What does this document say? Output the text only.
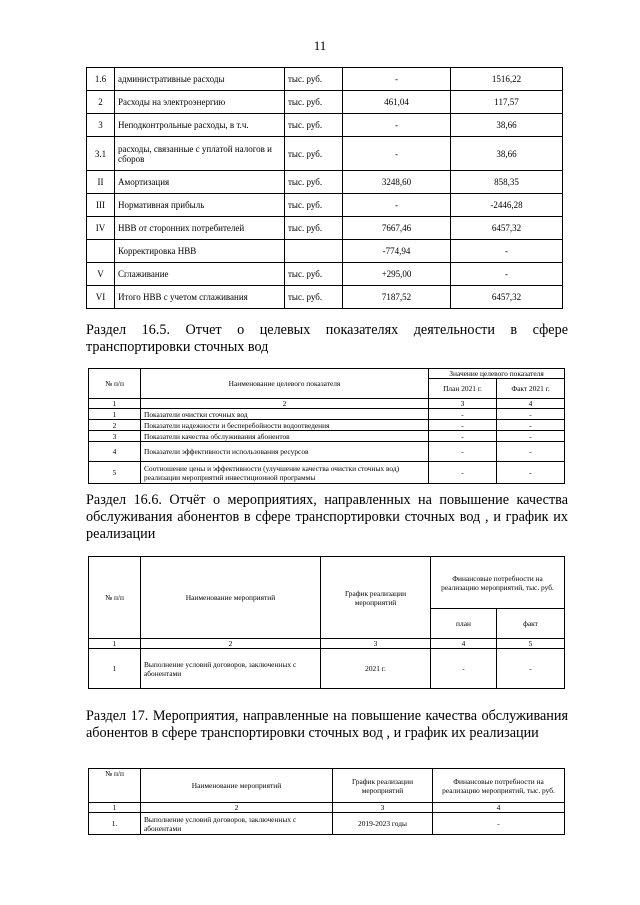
11
1.6	административные расходы	тыс. руб.	-	1516,22
2	Расходы на электроэнергию	тыс. руб.	461,04	117,57
3	Неподконтрольные расходы, в т.ч.	тыс. руб.	-	38,66
3.1	расходы, связанные с уплатой налогов и сборов	тыс. руб.	-	38,66
II	Амортизация	тыс. руб.	3248,60	858,35
III	Нормативная прибыль	тыс. руб.	-	-2446,28
IV	НВВ от сторонних потребителей	тыс. руб.	7667,46	6457,32
	Корректировка НВВ		-774,94	-
V	Сглаживание	тыс. руб.	+295,00	-
VI	Итого НВВ с учетом сглаживания	тыс. руб.	7187,52	6457,32
Раздел 16.5. Отчет о целевых показателях деятельности в сфере транспортировки сточных вод
№ п/п	Наименование целевого показателя	Значение целевого показателя	
		План 2021 г.	Факт 2021 г.
1	2	3	4
1	Показатели очистки сточных вод	-	-
2	Показатели надежности и бесперебойности водоотведения	-	-
3	Показатели качества обслуживания абонентов	-	-
4	Показатели эффективности использования ресурсов	-	-
5	Соотношение цены и эффективности (улучшение качества очистки сточных вод) реализации мероприятий инвестиционной программы	-	-
Раздел 16.6. Отчёт о мероприятиях, направленных на повышение качества обслуживания абонентов в сфере транспортировки сточных вод , и график их реализации
№ п/п	Наименование мероприятий	График реализации мероприятий	Финансовые потребности на реализацию мероприятий, тыс. руб.	
			план	факт
1	2	3	4	5
1	Выполнение условий договоров, заключенных с абонентами	2021 г.	-	-
Раздел 17. Мероприятия, направленные на повышение качества обслуживания абонентов в сфере транспортировки сточных вод , и график их реализации
№ п/п	Наименование мероприятий	График реализации мероприятий	Финансовые потребности на реализацию мероприятий, тыс. руб.
1	2	3	4
1.	Выполнение условий договоров, заключенных с абонентами	2019-2023 годы	-
